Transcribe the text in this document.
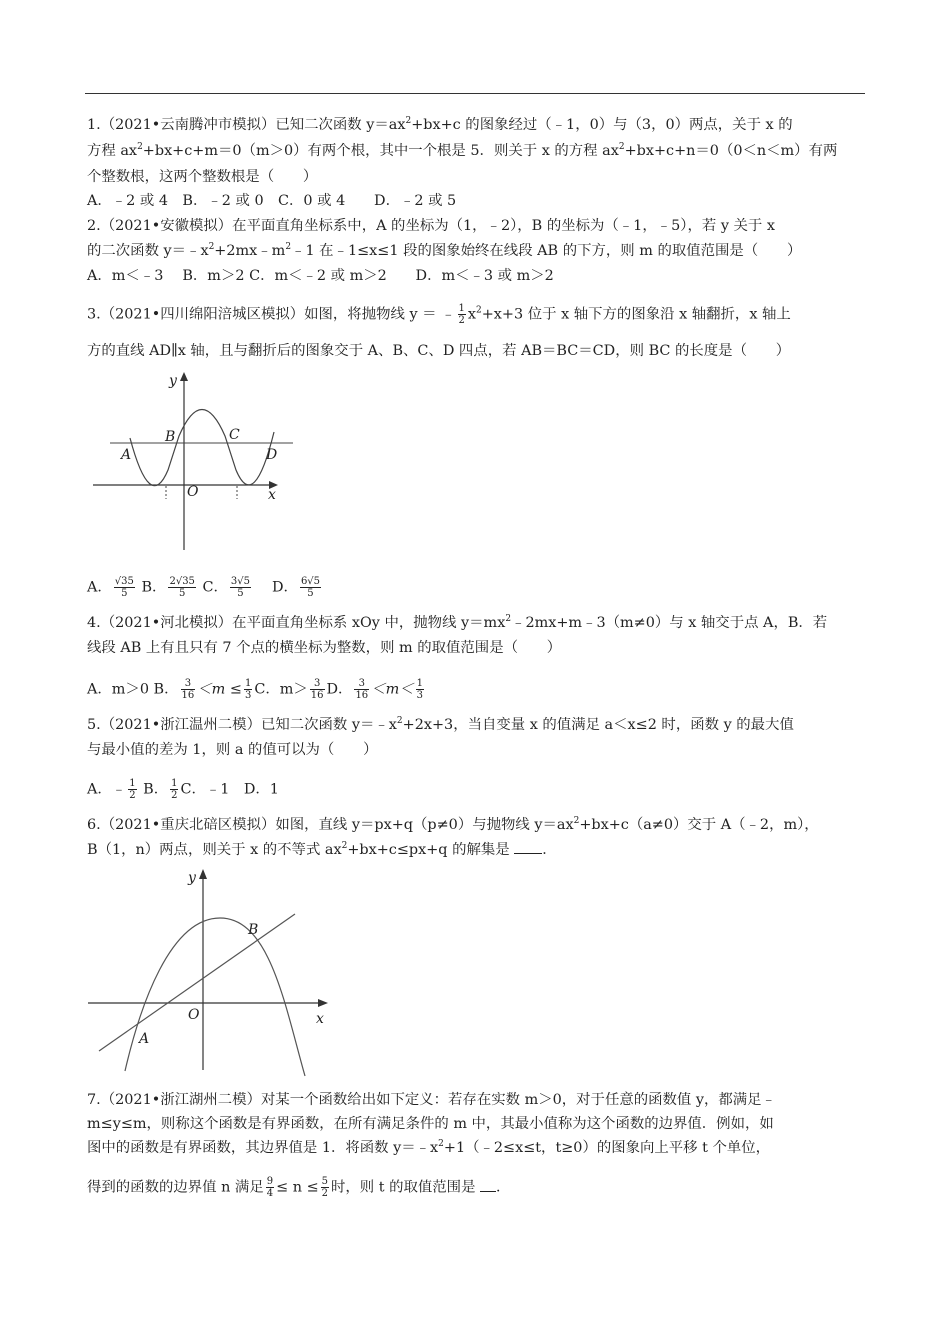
1.（2021•云南腾冲市模拟）已知二次函数 $y=ax^2+bx+c$ 的图象经过（﹣1，0）与（3，0）两点，关于 x 的
方程 $ax^2+bx+c+m=0(m>0)$有两个根，其中一个根是 5．则关于 x 的方程 $ax^2+bx+c+n=0(0<n<m)$有两
个整数根，这两个整数根是（　　）
A．﹣2 或 4　B．﹣2 或 0　C．0 或 4　　D．﹣2 或 5
2.（2021•安徽模拟）在平面直角坐标系中，A 的坐标为（1，﹣2），B 的坐标为（﹣1，﹣5），若 y 关于 x
的二次函数 $y=﹣x^2+2mx﹣m^2﹣1$ 在﹣1≤x≤1 段的图象始终在线段 AB 的下方，则 m 的取值范围是（　　）
A．m＜﹣3　 B．m＞2 C．m＜﹣2 或 m＞2　　D．m＜﹣3 或 m＞2
3.（2021•四川绵阳涪城区模拟）如图，将抛物线 y ＝ ﹣ $\frac{1}{2} x^2+x+3$ 位于 x 轴下方的图象沿 x 轴翻折，x 轴上
方的直线 AD∥x 轴，且与翻折后的图象交于 A、B、C、D 四点，若 AB＝BC＝CD，则 BC 的长度是（　　）
y
x
O
A
B	C
D
A． $\frac{√35}{5}$ B． $\frac{2√35}{5}$ C． $\frac{3√5}{5}$
　 D． $\frac{6√5}{5}$
4.（2021•河北模拟）在平面直角坐标系 xOy 中，抛物线 $y=mx^2﹣2mx+m﹣3(m\ne 0)$与 x 轴交于点 A，B．若
线段 AB 上有且只有 7 个点的横坐标为整数，则 m 的取值范围是（　　）
A．m＞0 B． $\frac{3}{16} <m \le \frac{1}{3}$ C．$m> \frac{3}{16}$ D． $\frac{3}{16} <m< \frac{1}{3}$
5.（2021•浙江温州二模）已知二次函数 $y=﹣x^2+2x+3$，当自变量 x 的值满足 a＜x≤2 时，函数 y 的最大值
与最小值的差为 1，则 a 的值可以为（　　）
A．﹣ $\frac{1}{2}$ B． $\frac{1}{2}$ C．﹣1　D．1
6.（2021•重庆北碚区模拟）如图，直线 y＝px+q（p≠0）与抛物线 $y=ax^2+bx+c(a\ne 0)$交于 A（﹣2，m），
B（1，n）两点，则关于 x 的不等式 $ax^2+bx+c\le px+q$ 的解集是 ．
y
x
O
A
B
7.（2021•浙江湖州二模）对某一个函数给出如下定义：若存在实数 m＞0，对于任意的函数值 y，都满足﹣
m≤y≤m，则称这个函数是有界函数，在所有满足条件的 m 中，其最小值称为这个函数的边界值．例如，如
图中的函数是有界函数，其边界值是 1．将函数 $y=﹣x^2+1(﹣2\le x\le t$，t≥0）的图象向上平移 t 个单位，
得到的函数的边界值 n 满足 $\frac{9}{4} \le n \le \frac{5}{2}$ 时，则 t 的取值范围是 ．
